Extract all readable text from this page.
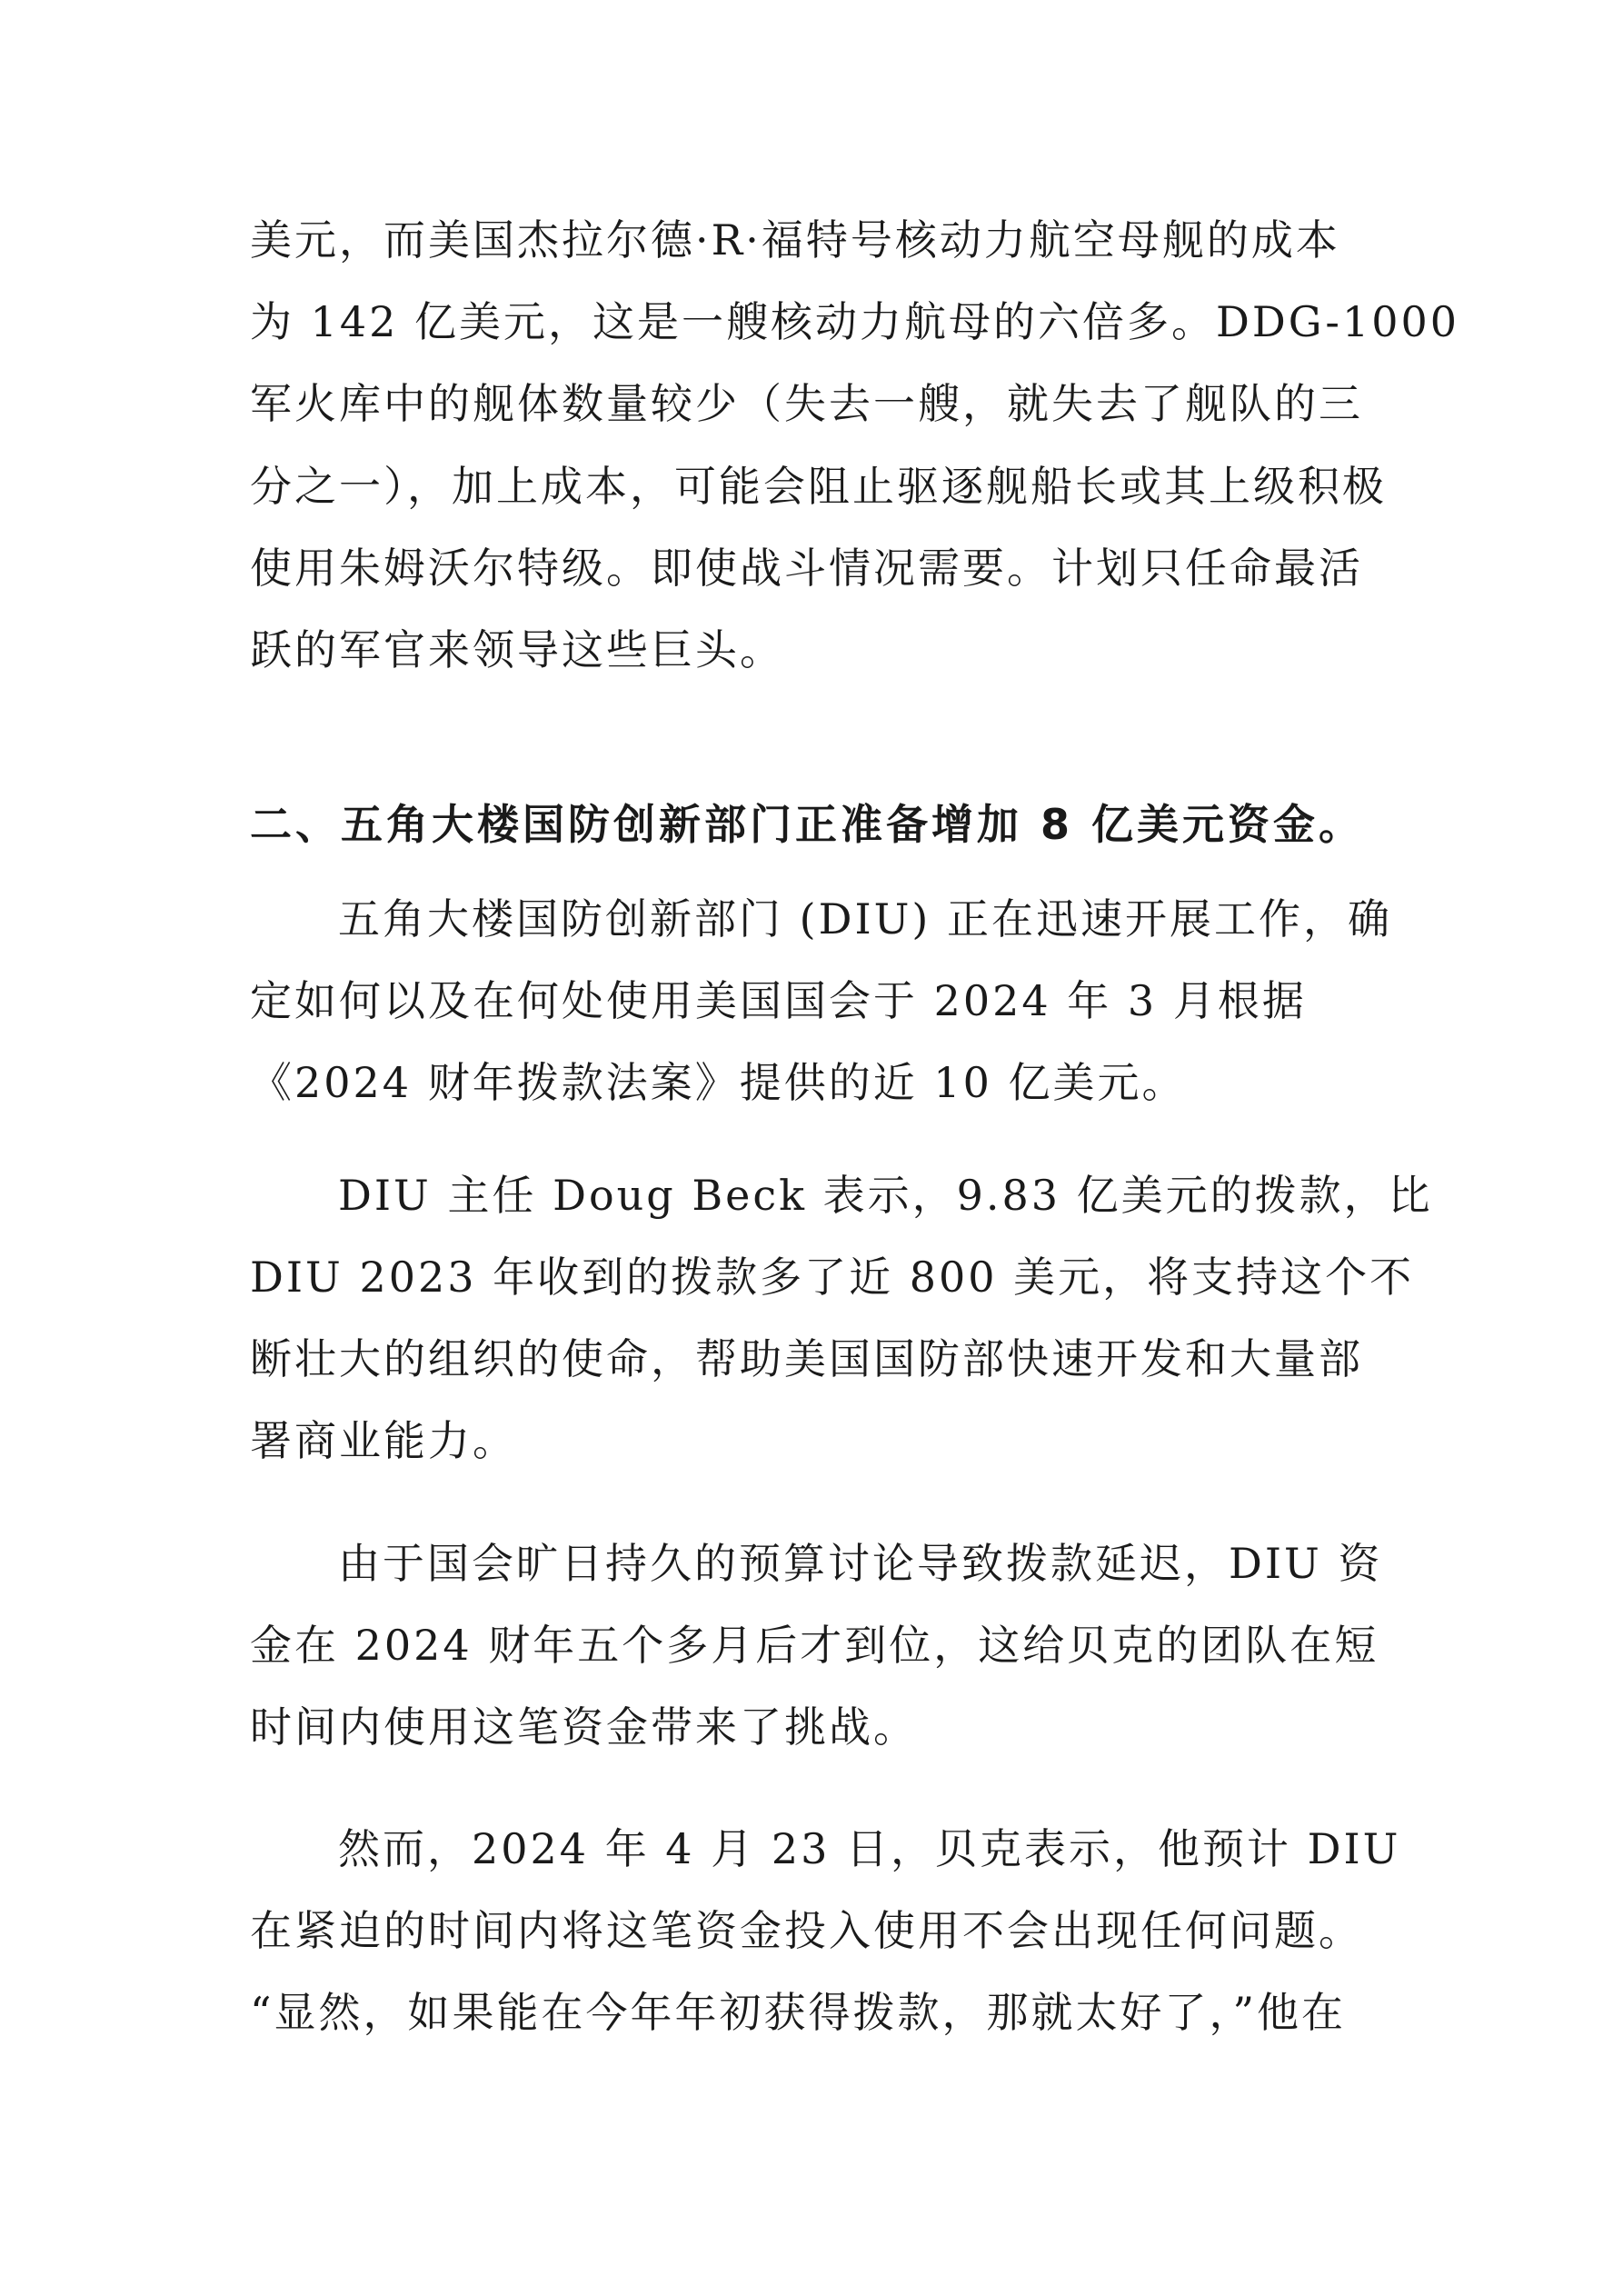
美元，而美国杰拉尔德·R·福特号核动力航空母舰的成本
为 142 亿美元，这是一艘核动力航母的六倍多。DDG-1000
军火库中的舰体数量较少（失去一艘，就失去了舰队的三
分之一），加上成本，可能会阻止驱逐舰船长或其上级积极
使用朱姆沃尔特级。即使战斗情况需要。计划只任命最活
跃的军官来领导这些巨头。
二、五角大楼国防创新部门正准备增加 8 亿美元资金。
五角大楼国防创新部门 (DIU) 正在迅速开展工作，确
定如何以及在何处使用美国国会于 2024 年 3 月根据
《2024 财年拨款法案》提供的近 10 亿美元。
DIU 主任 Doug Beck 表示，9.83 亿美元的拨款，比
DIU 2023 年收到的拨款多了近 800 美元，将支持这个不
断壮大的组织的使命，帮助美国国防部快速开发和大量部
署商业能力。
由于国会旷日持久的预算讨论导致拨款延迟，DIU 资
金在 2024 财年五个多月后才到位，这给贝克的团队在短
时间内使用这笔资金带来了挑战。
然而，2024 年 4 月 23 日，贝克表示，他预计 DIU
在紧迫的时间内将这笔资金投入使用不会出现任何问题。
“显然，如果能在今年年初获得拨款，那就太好了，”他在
